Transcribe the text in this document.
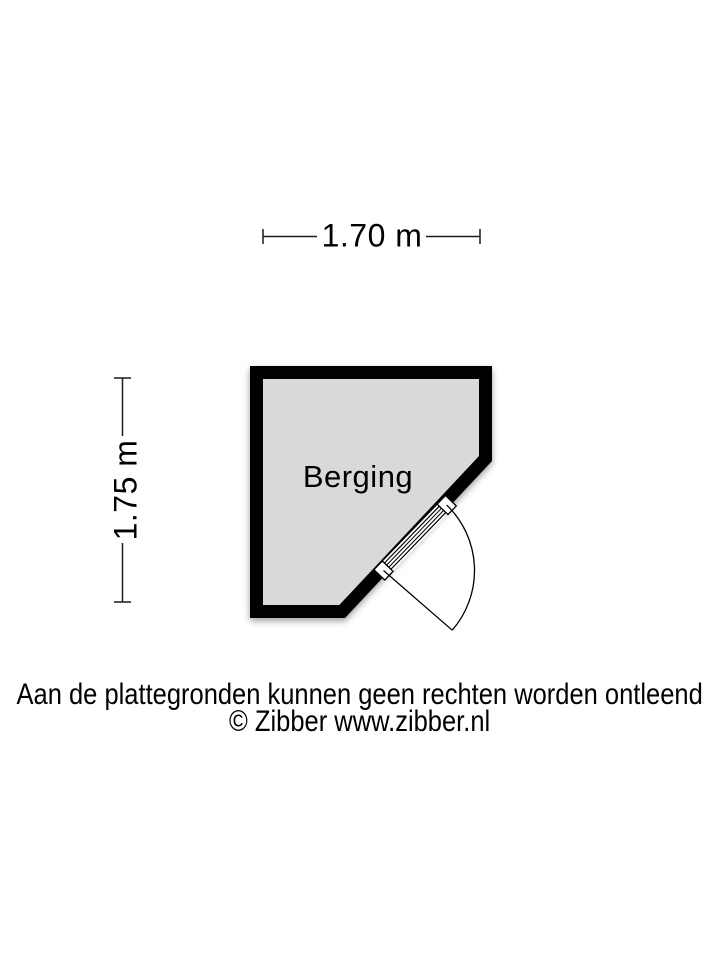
1.70 m
1.75 m	Berging
Aan de plattegronden kunnen geen rechten worden ontleend
© Zibber www.zibber.nl
